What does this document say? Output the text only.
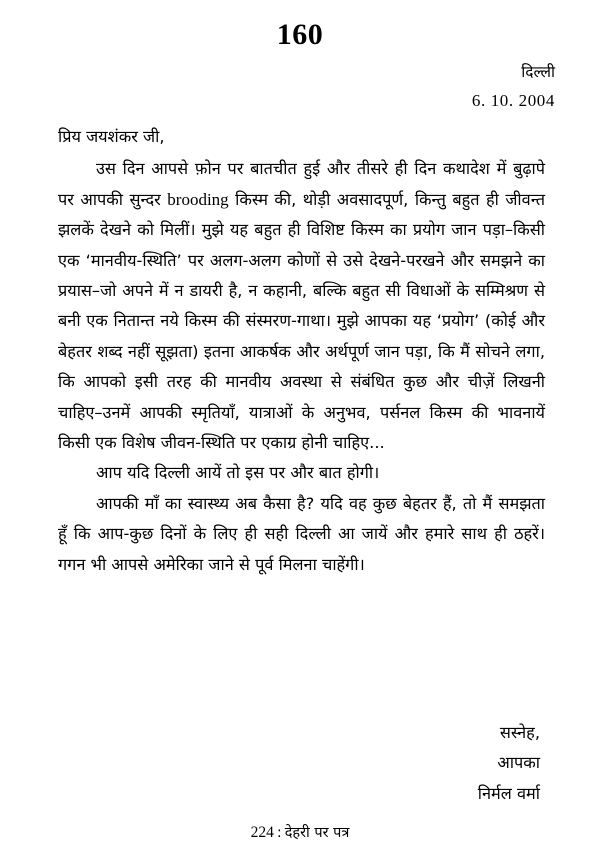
160
दिल्ली
6. 10. 2004

प्रिय जयशंकर जी,

उस दिन आपसे फ़ोन पर बातचीत हुई और तीसरे ही दिन कथादेश में बुढ़ापे पर आपकी सुन्दर brooding किस्म की, थोड़ी अवसादपूर्ण, किन्तु बहुत ही जीवन्त झलकें देखने को मिलीं। मुझे यह बहुत ही विशिष्ट किस्म का प्रयोग जान पड़ा–किसी एक ‘मानवीय-स्थिति’ पर अलग-अलग कोणों से उसे देखने-परखने और समझने का प्रयास–जो अपने में न डायरी है, न कहानी, बल्कि बहुत सी विधाओं के सम्मिश्रण से बनी एक नितान्त नये किस्म की संस्मरण-गाथा। मुझे आपका यह ‘प्रयोग’ (कोई और बेहतर शब्द नहीं सूझता) इतना आकर्षक और अर्थपूर्ण जान पड़ा, कि मैं सोचने लगा, कि आपको इसी तरह की मानवीय अवस्था से संबंधित कुछ और चीज़ें लिखनी चाहिए–उनमें आपकी स्मृतियाँ, यात्राओं के अनुभव, पर्सनल किस्म की भावनायें किसी एक विशेष जीवन-स्थिति पर एकाग्र होनी चाहिए...

आप यदि दिल्ली आयें तो इस पर और बात होगी।

आपकी माँ का स्वास्थ्य अब कैसा है? यदि वह कुछ बेहतर हैं, तो मैं समझता हूँ कि आप-कुछ दिनों के लिए ही सही दिल्ली आ जायें और हमारे साथ ही ठहरें। गगन भी आपसे अमेरिका जाने से पूर्व मिलना चाहेंगी।

सस्नेह,
आपका
निर्मल वर्मा
224 : देहरी पर पत्र
